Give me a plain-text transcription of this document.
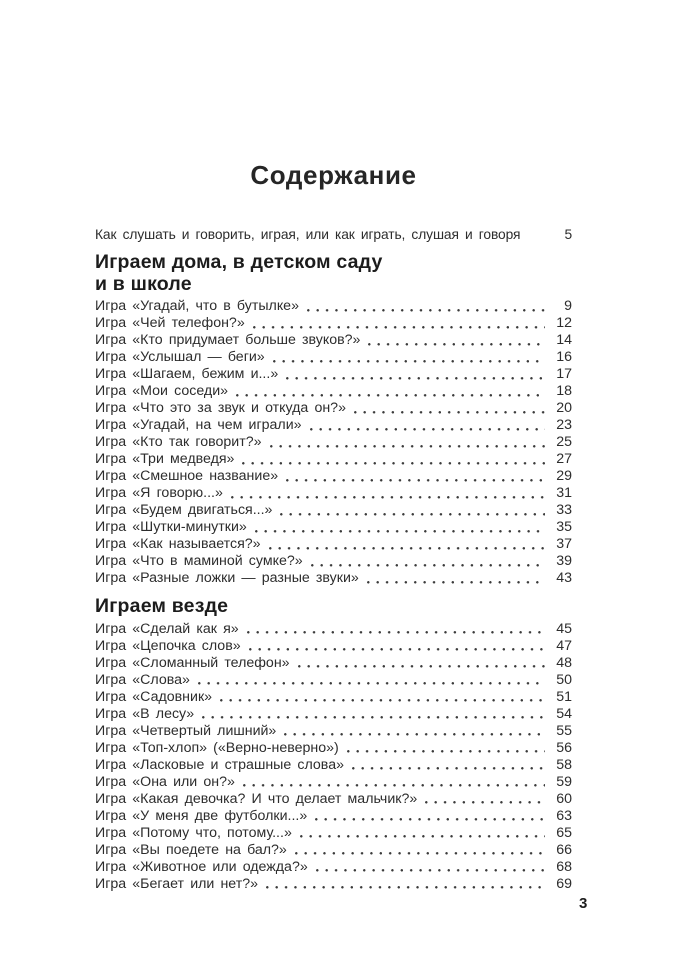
Содержание
Как слушать и говорить, играя, или как играть, слушая и говоря	5
Играем дома, в детском саду
и в школе
Игра «Угадай, что в бутылке»	9
Игра «Чей телефон?»	12
Игра «Кто придумает больше звуков?»	14
Игра «Услышал — беги»	16
Игра «Шагаем, бежим и...»	17
Игра «Мои соседи»	18
Игра «Что это за звук и откуда он?»	20
Игра «Угадай, на чем играли»	23
Игра «Кто так говорит?»	25
Игра «Три медведя»	27
Игра «Смешное название»	29
Игра «Я говорю...»	31
Игра «Будем двигаться...»	33
Игра «Шутки-минутки»	35
Игра «Как называется?»	37
Игра «Что в маминой сумке?»	39
Игра «Разные ложки — разные звуки»	43
Играем везде
Игра «Сделай как я»	45
Игра «Цепочка слов»	47
Игра «Сломанный телефон»	48
Игра «Слова»	50
Игра «Садовник»	51
Игра «В лесу»	54
Игра «Четвертый лишний»	55
Игра «Топ-хлоп» («Верно-неверно»)	56
Игра «Ласковые и страшные слова»	58
Игра «Она или он?»	59
Игра «Какая девочка? И что делает мальчик?»	60
Игра «У меня две футболки...»	63
Игра «Потому что, потому...»	65
Игра «Вы поедете на бал?»	66
Игра «Животное или одежда?»	68
Игра «Бегает или нет?»	69
3
